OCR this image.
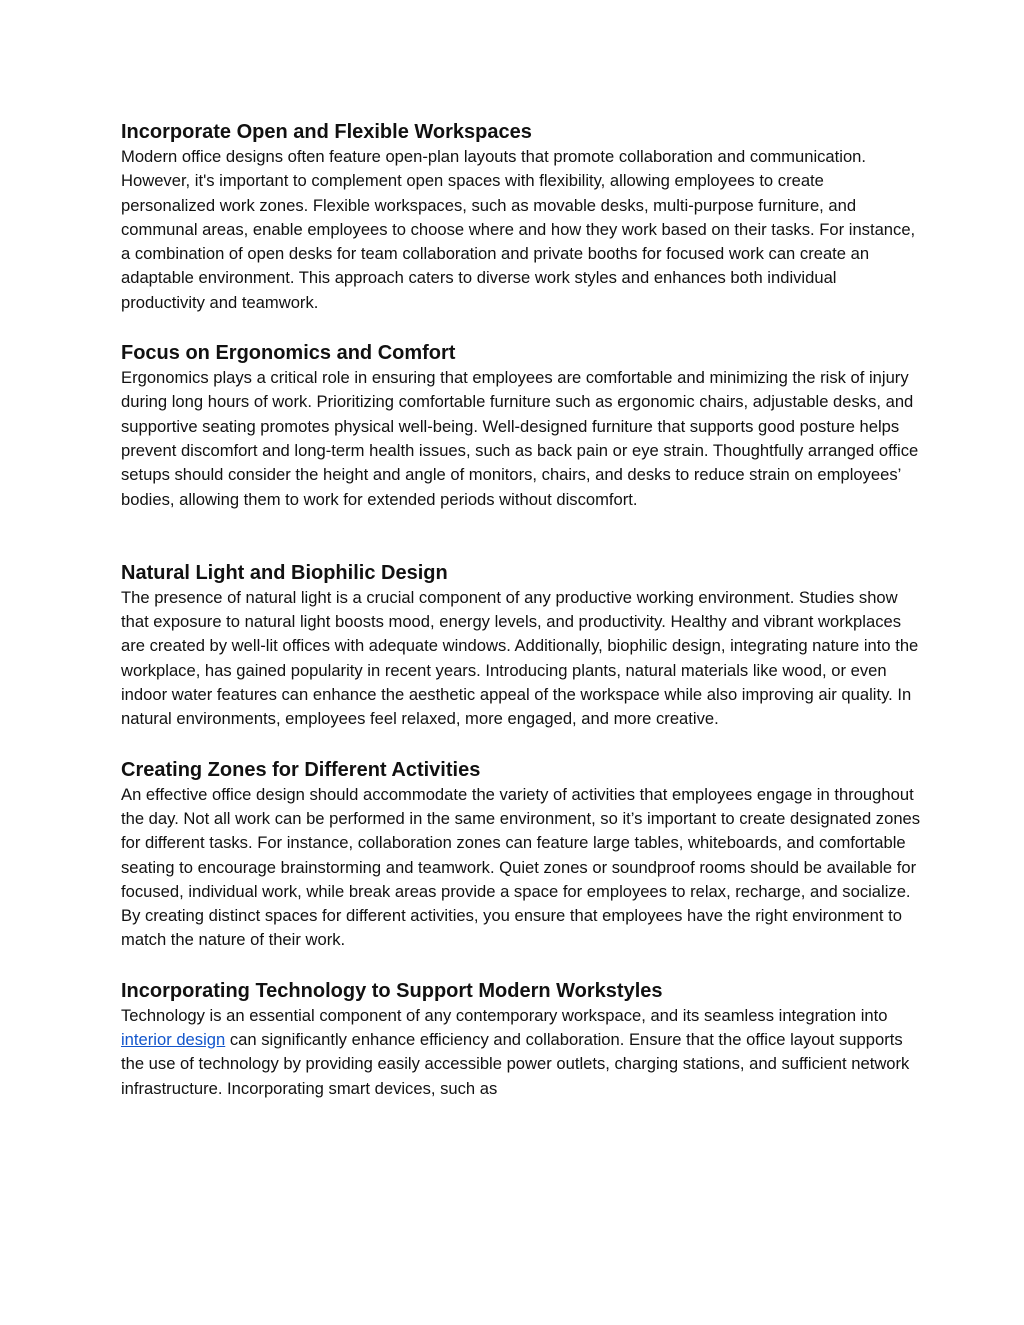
Incorporate Open and Flexible Workspaces

Modern office designs often feature open-plan layouts that promote collaboration and communication. However, it's important to complement open spaces with flexibility, allowing employees to create personalized work zones. Flexible workspaces, such as movable desks, multi-purpose furniture, and communal areas, enable employees to choose where and how they work based on their tasks. For instance, a combination of open desks for team collaboration and private booths for focused work can create an adaptable environment. This approach caters to diverse work styles and enhances both individual productivity and teamwork.

Focus on Ergonomics and Comfort

Ergonomics plays a critical role in ensuring that employees are comfortable and minimizing the risk of injury during long hours of work. Prioritizing comfortable furniture such as ergonomic chairs, adjustable desks, and supportive seating promotes physical well-being. Well-designed furniture that supports good posture helps prevent discomfort and long-term health issues, such as back pain or eye strain. Thoughtfully arranged office setups should consider the height and angle of monitors, chairs, and desks to reduce strain on employees’ bodies, allowing them to work for extended periods without discomfort.

Natural Light and Biophilic Design

The presence of natural light is a crucial component of any productive working environment. Studies show that exposure to natural light boosts mood, energy levels, and productivity. Healthy and vibrant workplaces are created by well-lit offices with adequate windows. Additionally, biophilic design, integrating nature into the workplace, has gained popularity in recent years. Introducing plants, natural materials like wood, or even indoor water features can enhance the aesthetic appeal of the workspace while also improving air quality. In natural environments, employees feel relaxed, more engaged, and more creative.

Creating Zones for Different Activities

An effective office design should accommodate the variety of activities that employees engage in throughout the day. Not all work can be performed in the same environment, so it’s important to create designated zones for different tasks. For instance, collaboration zones can feature large tables, whiteboards, and comfortable seating to encourage brainstorming and teamwork. Quiet zones or soundproof rooms should be available for focused, individual work, while break areas provide a space for employees to relax, recharge, and socialize. By creating distinct spaces for different activities, you ensure that employees have the right environment to match the nature of their work.

Incorporating Technology to Support Modern Workstyles

Technology is an essential component of any contemporary workspace, and its seamless integration into interior design can significantly enhance efficiency and collaboration. Ensure that the office layout supports the use of technology by providing easily accessible power outlets, charging stations, and sufficient network infrastructure. Incorporating smart devices, such as
